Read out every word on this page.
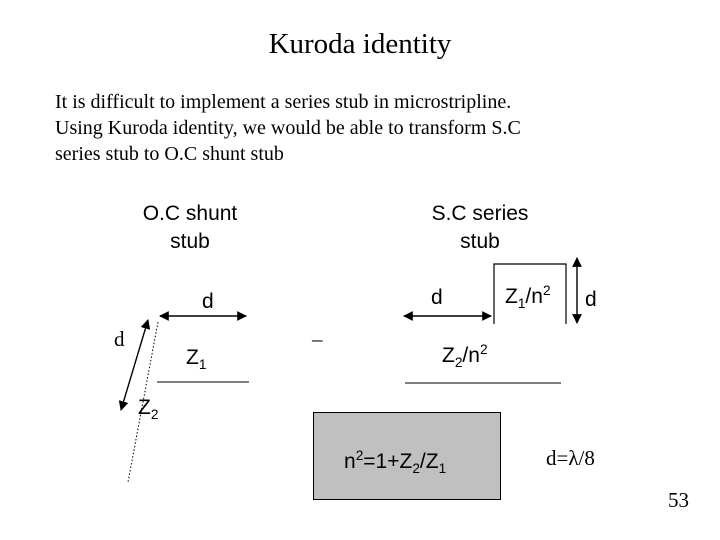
Kuroda identity
It is difficult to implement a series stub in microstripline.
Using Kuroda identity, we would be able to transform S.C
series stub to O.C shunt stub
O.C shunt
stub
S.C series
stub
d
d
$Z_1$
$Z_2$
–
d	$Z_1/n^2$ d
$Z_2/n^2$
$n^2=1+Z_2/Z_1$	d=λ/8
53
